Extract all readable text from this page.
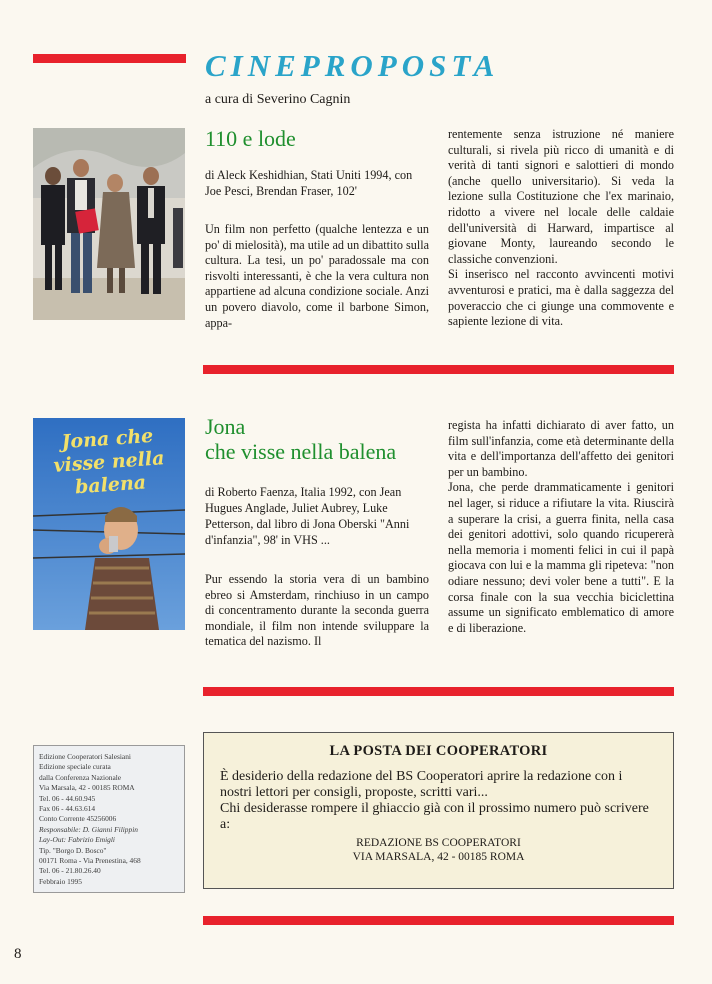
CINEPROPOSTA
a cura di Severino Cagnin
110 e lode
di Aleck Keshidhian, Stati Uniti 1994, con Joe Pesci, Brendan Fraser, 102'

Un film non perfetto (qualche lentezza e un po' di mielosità), ma utile ad un dibattito sulla cultura. La tesi, un po' paradossale ma con risvolti interessanti, è che la vera cultura non appartiene ad alcuna condizione sociale. Anzi un povero diavolo, come il barbone Simon, appa-

rentemente senza istruzione né maniere culturali, si rivela più ricco di umanità e di verità di tanti signori e salottieri di mondo (anche quello universitario). Si veda la lezione sulla Costituzione che l'ex marinaio, ridotto a vivere nel locale delle caldaie dell'università di Harward, impartisce al giovane Monty, laureando secondo le classiche convenzioni.

Si inserisco nel racconto avvincenti motivi avventurosi e pratici, ma è dalla saggezza del poveraccio che ci giunge una commovente e sapiente lezione di vita.

Jona che visse nella balena
Jona
che visse nella balena
di Roberto Faenza, Italia 1992, con Jean Hugues Anglade, Juliet Aubrey, Luke Petterson, dal libro di Jona Oberski "Anni d'infanzia", 98' in VHS ...

Pur essendo la storia vera di un bambino ebreo si Amsterdam, rinchiuso in un campo di concentramento durante la seconda guerra mondiale, il film non intende sviluppare la tematica del nazismo. Il

regista ha infatti dichiarato di aver fatto, un film sull'infanzia, come età determinante della vita e dell'importanza dell'affetto dei genitori per un bambino.

Jona, che perde drammaticamente i genitori nel lager, si riduce a rifiutare la vita. Riuscirà a superare la crisi, a guerra finita, nella casa dei genitori adottivi, solo quando ricupererà nella memoria i momenti felici in cui il papà giocava con lui e la mamma gli ripeteva: "non odiare nessuno; devi voler bene a tutti". E la corsa finale con la sua vecchia biciclettina assume un significato emblematico di amore e di liberazione.

Edizione Cooperatori Salesiani
Edizione speciale curata
dalla Conferenza Nazionale
Via Marsala, 42 - 00185 ROMA
Tel. 06 - 44.60.945
Fax 06 - 44.63.614
Conto Corrente 45256006
Responsabile: D. Gianni Filippin
Lay-Out: Fabrizio Emigli
Tip. "Borgo D. Bosco"
00171 Roma - Via Prenestina, 468
Tel. 06 - 21.80.26.40
Febbraio 1995
LA POSTA DEI COOPERATORI
È desiderio della redazione del BS Cooperatori aprire la redazione con i nostri lettori per consigli, proposte, scritti vari...
Chi desiderasse rompere il ghiaccio già con il prossimo numero può scrivere a:
REDAZIONE BS COOPERATORI
VIA MARSALA, 42 - 00185 ROMA
8
